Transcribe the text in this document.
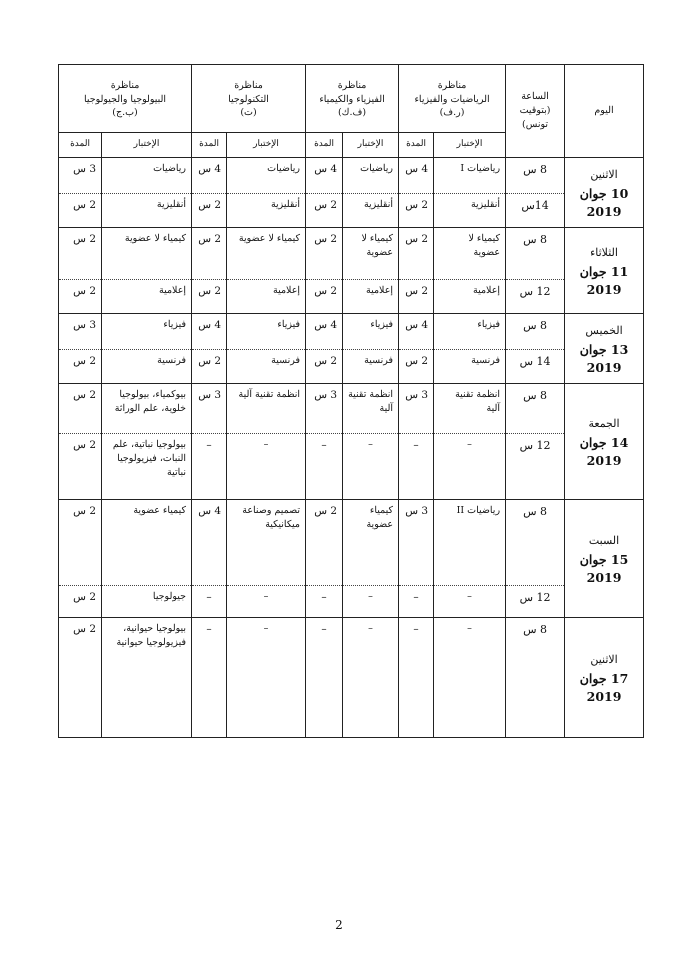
اليوم	الساعة
(بتوقيت
تونس)	مناظرة
الرياضيات والفيزياء
(ر.ف)		مناظرة
الفيزياء والكيمياء
(ف.ك)		مناظرة
التكنولوجيا
(ت)		مناظرة
البيولوجيا والجيولوجيا
(ب.ج)	

		الإختبار	المدة	الإختبار	المدة	الإختبار	المدة	الإختبار	المدة

الاثنين
10 جوان 2019	8 س	رياضيات I	4 س	رياضيات	4 س	رياضيات	4 س	رياضيات	3 س
	14س	أنقليزية	2 س	أنقليزية	2 س	أنقليزية	2 س	أنقليزية	2 س

الثلاثاء
11 جوان 2019	8 س	كيمياء لا عضوية	2 س	كيمياء لا عضوية	2 س	كيمياء لا عضوية	2 س	كيمياء لا عضوية	2 س
	12 س	إعلامية	2 س	إعلامية	2 س	إعلامية	2 س	إعلامية	2 س

الخميس
13 جوان 2019	8 س	فيزياء	4 س	فيزياء	4 س	فيزياء	4 س	فيزياء	3 س
	14 س	فرنسية	2 س	فرنسية	2 س	فرنسية	2 س	فرنسية	2 س

الجمعة
14 جوان 2019	8 س	انظمة تقنية آلية	3 س	انظمة تقنية آلية	3 س	انظمة تقنية آلية	3 س	بيوكمياء، بيولوجيا خلوية، علم الوراثة	2 س
	12 س	–	–	–	–	–	–	بيولوجيا نباتية، علم النبات، فيزيولوجيا نباتية	2 س

السبت
15 جوان 2019	8 س	رياضيات II	3 س	كيمياء عضوية	2 س	تصميم وصناعة ميكانيكية	4 س	كيمياء عضوية	2 س
	12 س	–	–	–	–	–	–	جيولوجيا	2 س

الاثنين
17 جوان 2019	8 س	–	–	–	–	–	–	بيولوجيا حيوانية، فيزيولوجيا حيوانية	2 س
2
